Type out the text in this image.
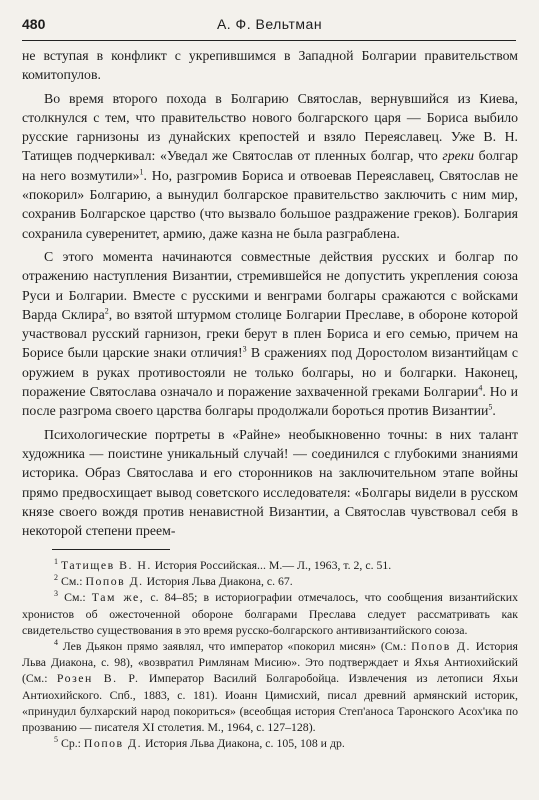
480	А. Ф. Вельтман

не вступая в конфликт с укрепившимся в Западной Болгарии правительством комитопулов.

Во время второго похода в Болгарию Святослав, вернувшийся из Киева, столкнулся с тем, что правительство нового болгарского царя — Бориса выбило русские гарнизоны из дунайских крепостей и взяло Переяславец. Уже В. Н. Татищев подчеркивал: «Уведал же Святослав от пленных болгар, что греки болгар на него возмутили»$^1$. Но, разгромив Бориса и отвоевав Переяславец, Святослав не «покорил» Болгарию, а вынудил болгарское правительство заключить с ним мир, сохранив Болгарское царство (что вызвало большое раздражение греков). Болгария сохранила суверенитет, армию, даже казна не была разграблена.

С этого момента начинаются совместные действия русских и болгар по отражению наступления Византии, стремившейся не допустить укрепления союза Руси и Болгарии. Вместе с русскими и венграми болгары сражаются с войсками Варда Склира$^2$, во взятой штурмом столице Болгарии Преславе, в обороне которой участвовал русский гарнизон, греки берут в плен Бориса и его семью, причем на Борисе были царские знаки отличия!$^3$ В сражениях под Доростолом византийцам с оружием в руках противостояли не только болгары, но и болгарки. Наконец, поражение Святослава означало и поражение захваченной греками Болгарии$^4$. Но и после разгрома своего царства болгары продолжали бороться против Византии$^5$.

Психологические портреты в «Райне» необыкновенно точны: в них талант художника — поистине уникальный случай! — соединился с глубокими знаниями историка. Образ Святослава и его сторонников на заключительном этапе войны прямо предвосхищает вывод советского исследователя: «Болгары видели в русском князе своего вождя против ненавистной Византии, а Святослав чувствовал себя в некоторой степени преем-

$^1$ Татищев В. Н. История Российская... М.— Л., 1963, т. 2, с. 51.

$^2$ См.: Попов Д. История Льва Диакона, с. 67.

$^3$ См.: Там же, с. 84–85; в историографии отмечалось, что сообщения византийских хронистов об ожесточенной обороне болгарами Преслава следует рассматривать как свидетельство существования в это время русско-болгарского антивизантийского союза.

$^4$ Лев Дьякон прямо заявлял, что император «покорил мисян» (См.: Попов Д. История Льва Диакона, с. 98), «возвратил Римлянам Мисию». Это подтверждает и Яхья Антиохийский (См.: Розен В. Р. Император Василий Болгаробойца. Извлечения из летописи Яхьи Антиохийского. Спб., 1883, с. 181). Иоанн Цимисхий, писал древний армянский историк, «принудил булхарский народ покориться» (всеобщая история Степ'аноса Таронского Асох'ика по прозванию — писателя XI столетия. М., 1964, с. 127–128).

$^5$ Ср.: Попов Д. История Льва Диакона, с. 105, 108 и др.
